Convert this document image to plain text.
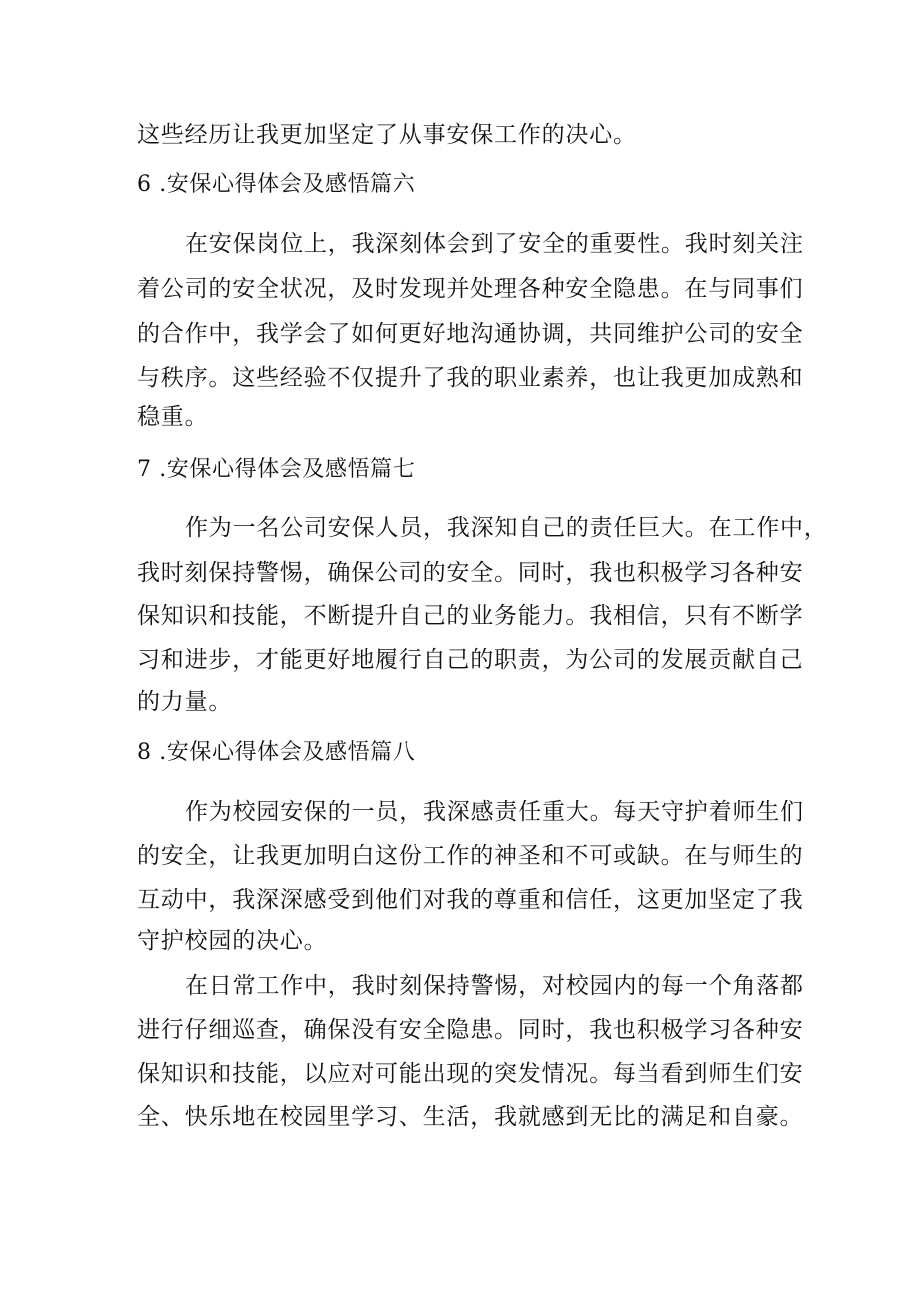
这些经历让我更加坚定了从事安保工作的决心。
6 .安保心得体会及感悟篇六
在安保岗位上，我深刻体会到了安全的重要性。我时刻关注
着公司的安全状况，及时发现并处理各种安全隐患。在与同事们
的合作中，我学会了如何更好地沟通协调，共同维护公司的安全
与秩序。这些经验不仅提升了我的职业素养，也让我更加成熟和
稳重。
7 .安保心得体会及感悟篇七
作为一名公司安保人员，我深知自己的责任巨大。在工作中，
我时刻保持警惕，确保公司的安全。同时，我也积极学习各种安
保知识和技能，不断提升自己的业务能力。我相信，只有不断学
习和进步，才能更好地履行自己的职责，为公司的发展贡献自己
的力量。
8 .安保心得体会及感悟篇八
作为校园安保的一员，我深感责任重大。每天守护着师生们
的安全，让我更加明白这份工作的神圣和不可或缺。在与师生的
互动中，我深深感受到他们对我的尊重和信任，这更加坚定了我
守护校园的决心。
在日常工作中，我时刻保持警惕，对校园内的每一个角落都
进行仔细巡查，确保没有安全隐患。同时，我也积极学习各种安
保知识和技能，以应对可能出现的突发情况。每当看到师生们安
全、快乐地在校园里学习、生活，我就感到无比的满足和自豪。
